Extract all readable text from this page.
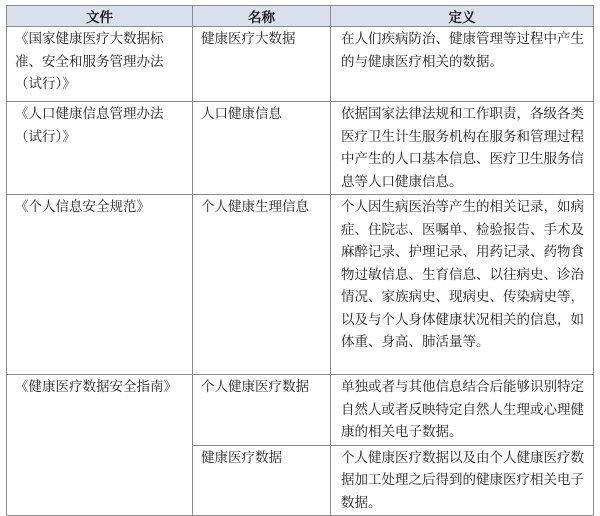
文件	名称	定义
《国家健康医疗大数据标准、安全和服务管理办法（试行）》	健康医疗大数据	在人们疾病防治、健康管理等过程中产生的与健康医疗相关的数据。
《人口健康信息管理办法（试行）》	人口健康信息	依据国家法律法规和工作职责，各级各类医疗卫生计生服务机构在服务和管理过程中产生的人口基本信息、医疗卫生服务信息等人口健康信息。
《个人信息安全规范》	个人健康生理信息	个人因生病医治等产生的相关记录，如病症、住院志、医嘱单、检验报告、手术及麻醉记录、护理记录、用药记录、药物食物过敏信息、生育信息、以往病史、诊治情况、家族病史、现病史、传染病史等，以及与个人身体健康状况相关的信息，如体重、身高、肺活量等。
《健康医疗数据安全指南》	个人健康医疗数据	单独或者与其他信息结合后能够识别特定自然人或者反映特定自然人生理或心理健康的相关电子数据。
	健康医疗数据	个人健康医疗数据以及由个人健康医疗数据加工处理之后得到的健康医疗相关电子数据。
